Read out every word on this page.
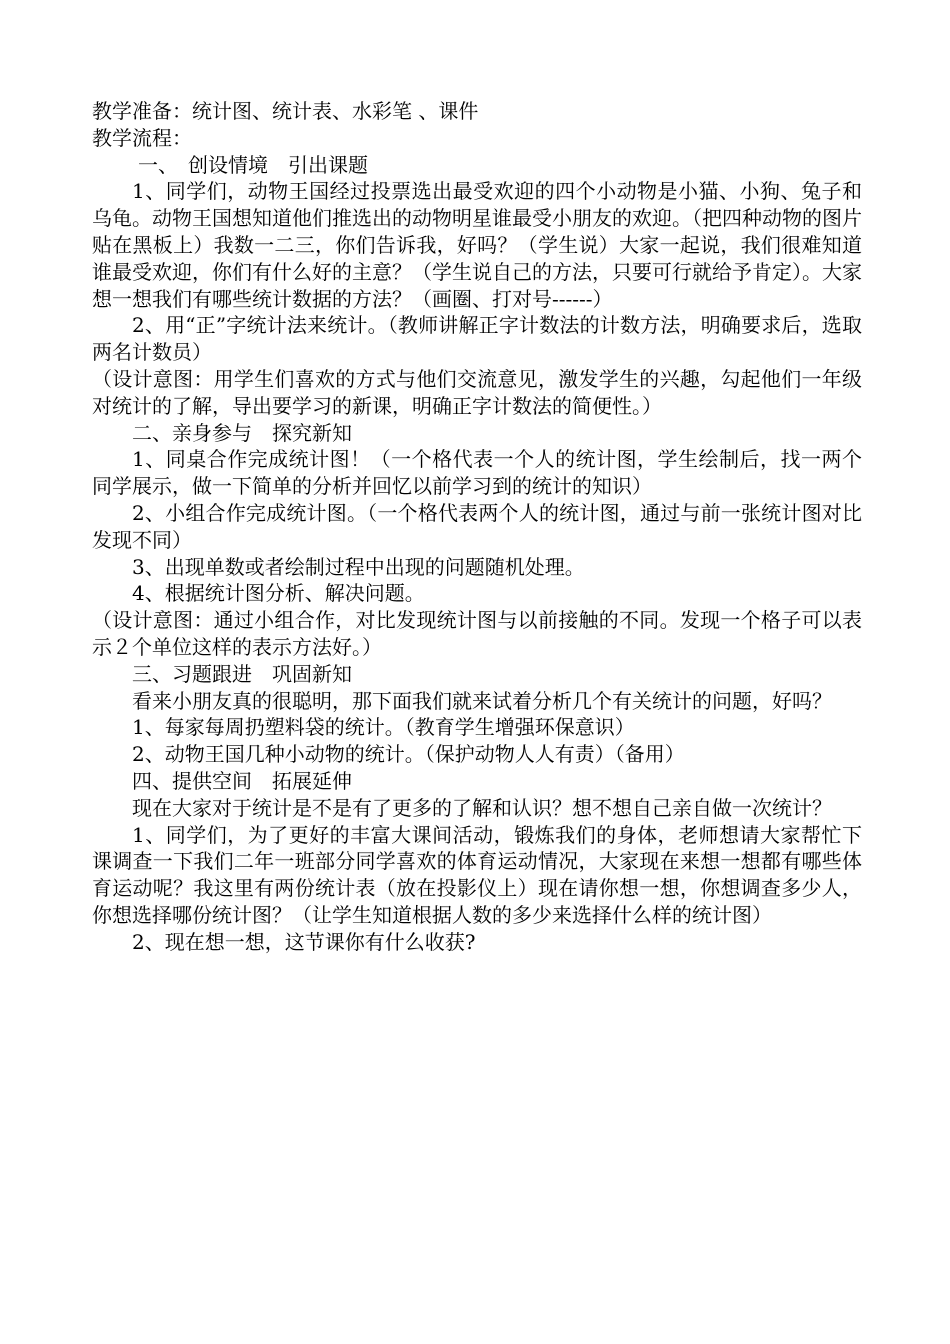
教学准备：统计图、统计表、水彩笔 、课件

教学流程：

一、　创设情境　引出课题

1、同学们，动物王国经过投票选出最受欢迎的四个小动物是小猫、小狗、兔子和乌龟。动物王国想知道他们推选出的动物明星谁最受小朋友的欢迎。（把四种动物的图片贴在黑板上）我数一二三，你们告诉我，好吗？（学生说）大家一起说，我们很难知道谁最受欢迎，你们有什么好的主意？（学生说自己的方法，只要可行就给予肯定）。大家想一想我们有哪些统计数据的方法？（画圈、打对号------）

2、用“正”字统计法来统计。（教师讲解正字计数法的计数方法，明确要求后，选取两名计数员）

（设计意图：用学生们喜欢的方式与他们交流意见，激发学生的兴趣，勾起他们一年级对统计的了解，导出要学习的新课，明确正字计数法的简便性。）

二、亲身参与　探究新知

1、同桌合作完成统计图！（一个格代表一个人的统计图，学生绘制后，找一两个同学展示，做一下简单的分析并回忆以前学习到的统计的知识）

2、小组合作完成统计图。（一个格代表两个人的统计图，通过与前一张统计图对比发现不同）

3、出现单数或者绘制过程中出现的问题随机处理。

4、根据统计图分析、解决问题。

（设计意图：通过小组合作，对比发现统计图与以前接触的不同。发现一个格子可以表示２个单位这样的表示方法好。）

三、习题跟进　巩固新知

看来小朋友真的很聪明，那下面我们就来试着分析几个有关统计的问题，好吗？

1、每家每周扔塑料袋的统计。（教育学生增强环保意识）

2、动物王国几种小动物的统计。（保护动物人人有责）（备用）

四、提供空间　拓展延伸

现在大家对于统计是不是有了更多的了解和认识？想不想自己亲自做一次统计？

1、同学们，为了更好的丰富大课间活动，锻炼我们的身体，老师想请大家帮忙下课调查一下我们二年一班部分同学喜欢的体育运动情况，大家现在来想一想都有哪些体育运动呢？我这里有两份统计表（放在投影仪上）现在请你想一想，你想调查多少人，你想选择哪份统计图？（让学生知道根据人数的多少来选择什么样的统计图）

2、现在想一想，这节课你有什么收获?
